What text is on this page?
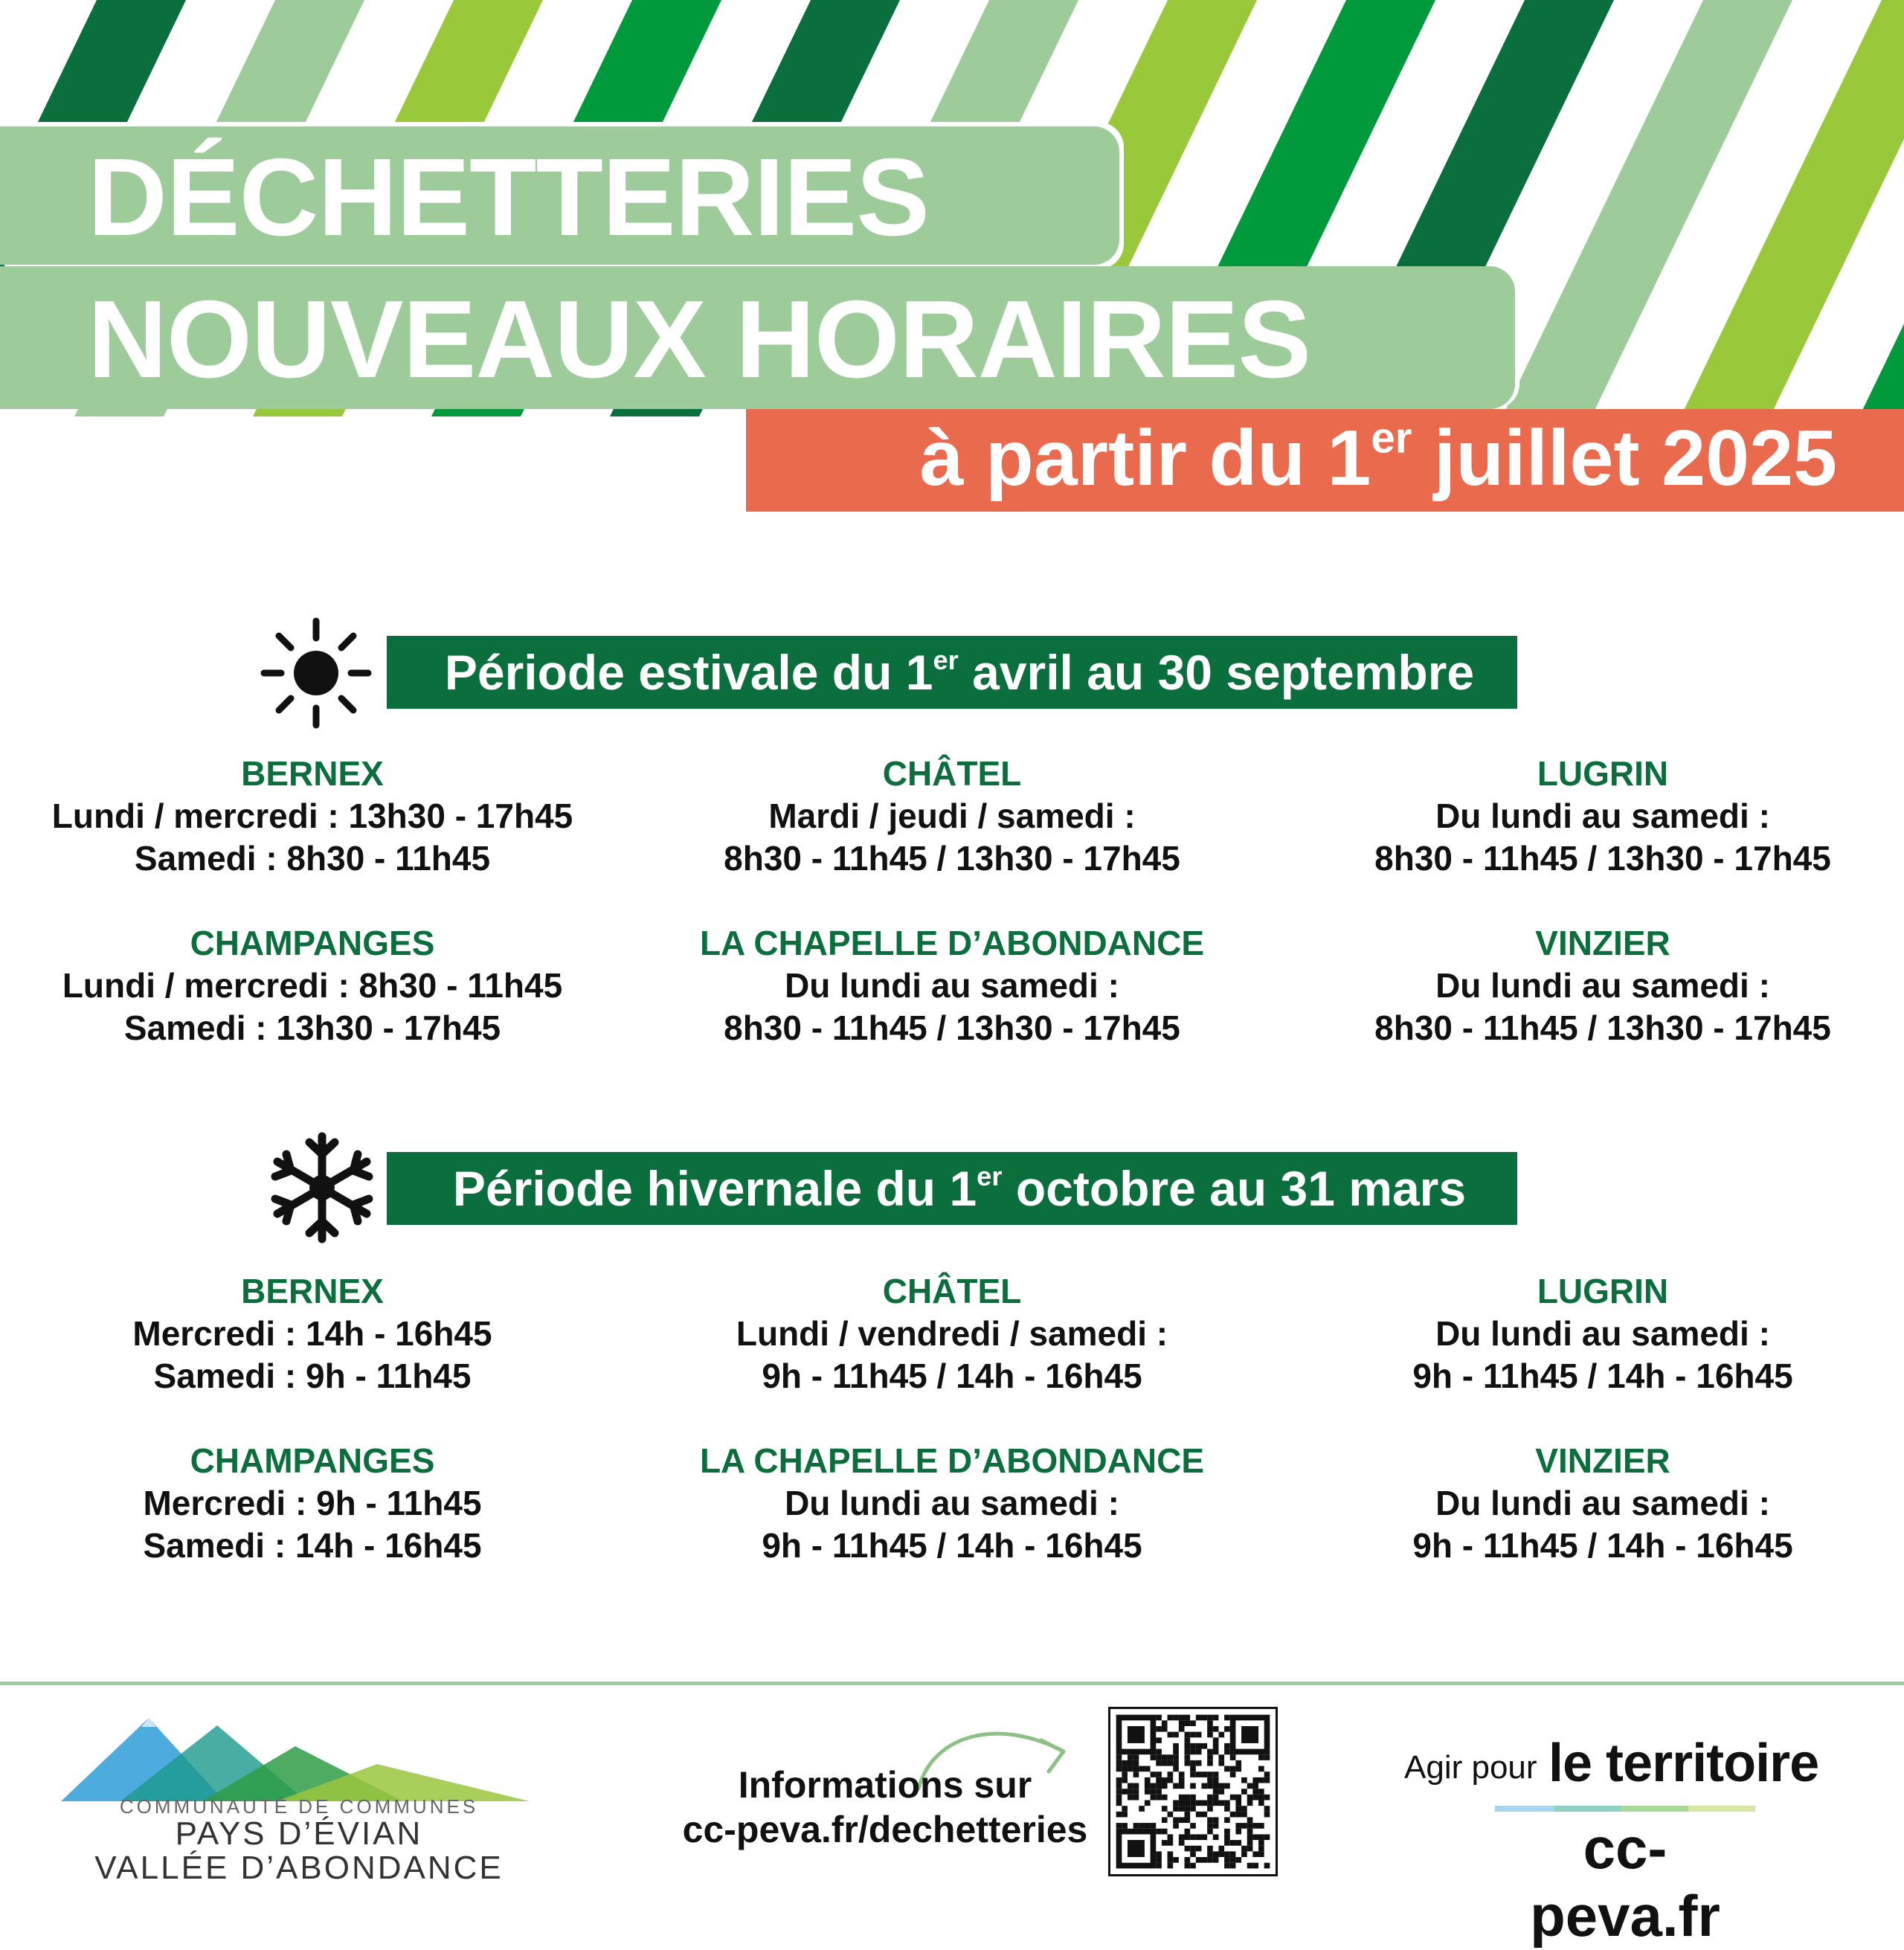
DÉCHETTERIES
NOUVEAUX HORAIRES
à partir du 1er juillet 2025
Période estivale du 1er avril au 30 septembre
BERNEX
Lundi / mercredi : 13h30 - 17h45
Samedi : 8h30 - 11h45
CHÂTEL
Mardi / jeudi / samedi :
8h30 - 11h45 / 13h30 - 17h45
LUGRIN
Du lundi au samedi :
8h30 - 11h45 / 13h30 - 17h45
CHAMPANGES
Lundi / mercredi : 8h30 - 11h45
Samedi : 13h30 - 17h45
LA CHAPELLE D’ABONDANCE
Du lundi au samedi :
8h30 - 11h45 / 13h30 - 17h45
VINZIER
Du lundi au samedi :
8h30 - 11h45 / 13h30 - 17h45
Période hivernale du 1er octobre au 31 mars
BERNEX
Mercredi : 14h - 16h45
Samedi : 9h - 11h45
CHÂTEL
Lundi / vendredi / samedi :
9h - 11h45 / 14h - 16h45
LUGRIN
Du lundi au samedi :
9h - 11h45 / 14h - 16h45
CHAMPANGES
Mercredi : 9h - 11h45
Samedi : 14h - 16h45
LA CHAPELLE D’ABONDANCE
Du lundi au samedi :
9h - 11h45 / 14h - 16h45
VINZIER
Du lundi au samedi :
9h - 11h45 / 14h - 16h45
COMMUNAUTÉ DE COMMUNES
PAYS D’ÉVIAN
VALLÉE D’ABONDANCE
Informations sur
cc-peva.fr/dechetteries
Agir pour le territoire
cc-peva.fr
